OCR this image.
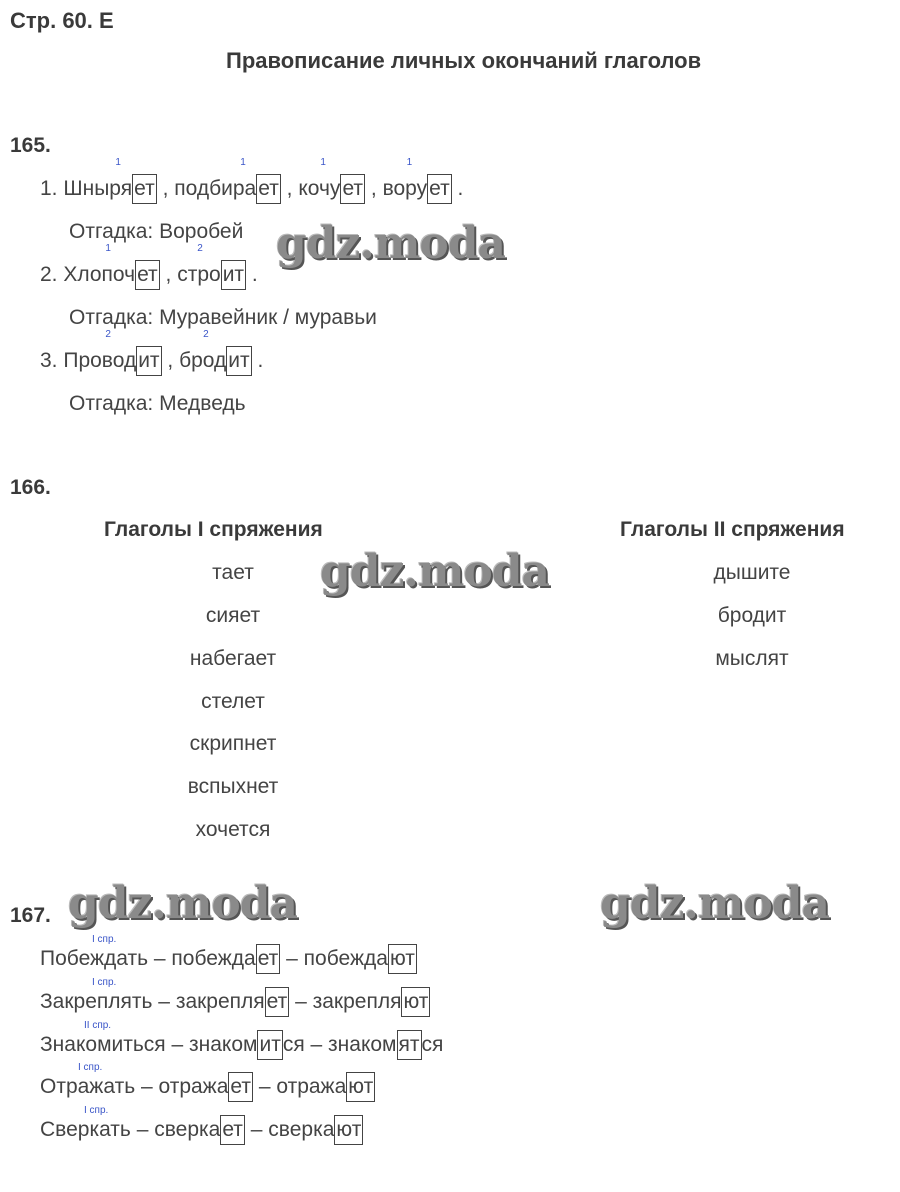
Стр. 60. Е
Правописание личных окончаний глаголов
165.
1.
1
Шныряет ,
1
подбирает ,
1
кочует ,
1
ворует .
Отгадка: Воробей
2.
1
Хлопочет ,
2
строит .
Отгадка: Муравейник / муравьи
3.
2
Проводит ,
2
бродит .
Отгадка: Медведь
166.
Глаголы I спряжения	Глаголы II спряжения
тает
сияет
набегает
стелет
скрипнет
вспыхнет
хочется
дышите
бродит
мыслят
167.
I спр.
Побеждать – побеждает – побеждают
I спр.
Закреплять – закрепляет – закрепляют
II спр.
Знакомиться – знакомится – знакомятся
I спр.
Отражать – отражает – отражают
I спр.
Сверкать – сверкает – сверкают
gdz.moda
gdz.moda
gdz.moda	gdz.moda
